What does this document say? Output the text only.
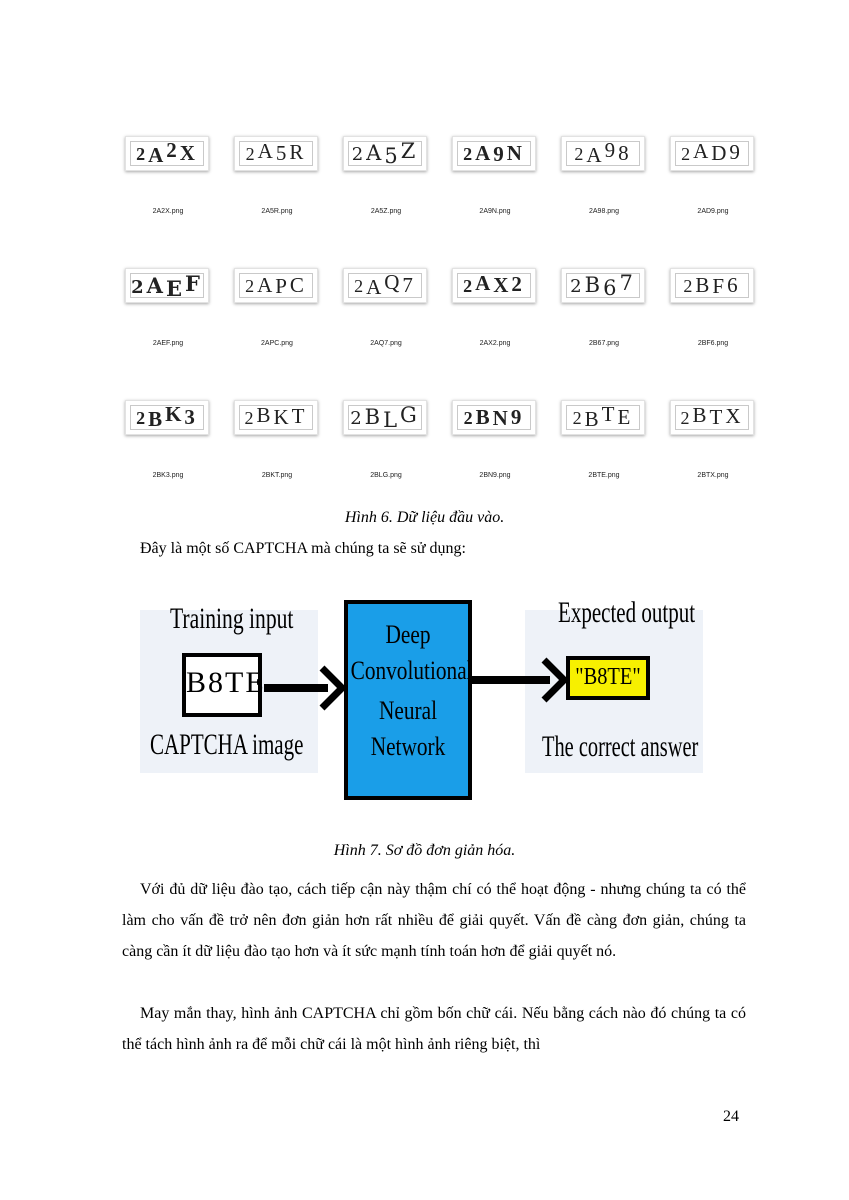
2A2X
2A2X.png
2A5R
2A5R.png
2A5Z
2A5Z.png
2A9N
2A9N.png
2A98
2A98.png
2AD9
2AD9.png
2AEF
2AEF.png
2APC
2APC.png
2AQ7
2AQ7.png
2AX2
2AX2.png
2B67
2B67.png
2BF6
2BF6.png
2BK3
2BK3.png
2BKT
2BKT.png
2BLG
2BLG.png
2BN9
2BN9.png
2BTE
2BTE.png
2BTX
2BTX.png
Hình 6. Dữ liệu đầu vào.
Đây là một số CAPTCHA mà chúng ta sẽ sử dụng:
Training input
B8TE
CAPTCHA image
Deep
Convolutional
Neural
Network
Expected output
"B8TE"
The correct answer
Hình 7. Sơ đồ đơn giản hóa.
Với đủ dữ liệu đào tạo, cách tiếp cận này thậm chí có thể hoạt động - nhưng chúng ta có thể làm cho vấn đề trở nên đơn giản hơn rất nhiều để giải quyết. Vấn đề càng đơn giản, chúng ta càng cần ít dữ liệu đào tạo hơn và ít sức mạnh tính toán hơn để giải quyết nó.
May mắn thay, hình ảnh CAPTCHA chỉ gồm bốn chữ cái. Nếu bằng cách nào đó chúng ta có thể tách hình ảnh ra để mỗi chữ cái là một hình ảnh riêng biệt, thì
24
